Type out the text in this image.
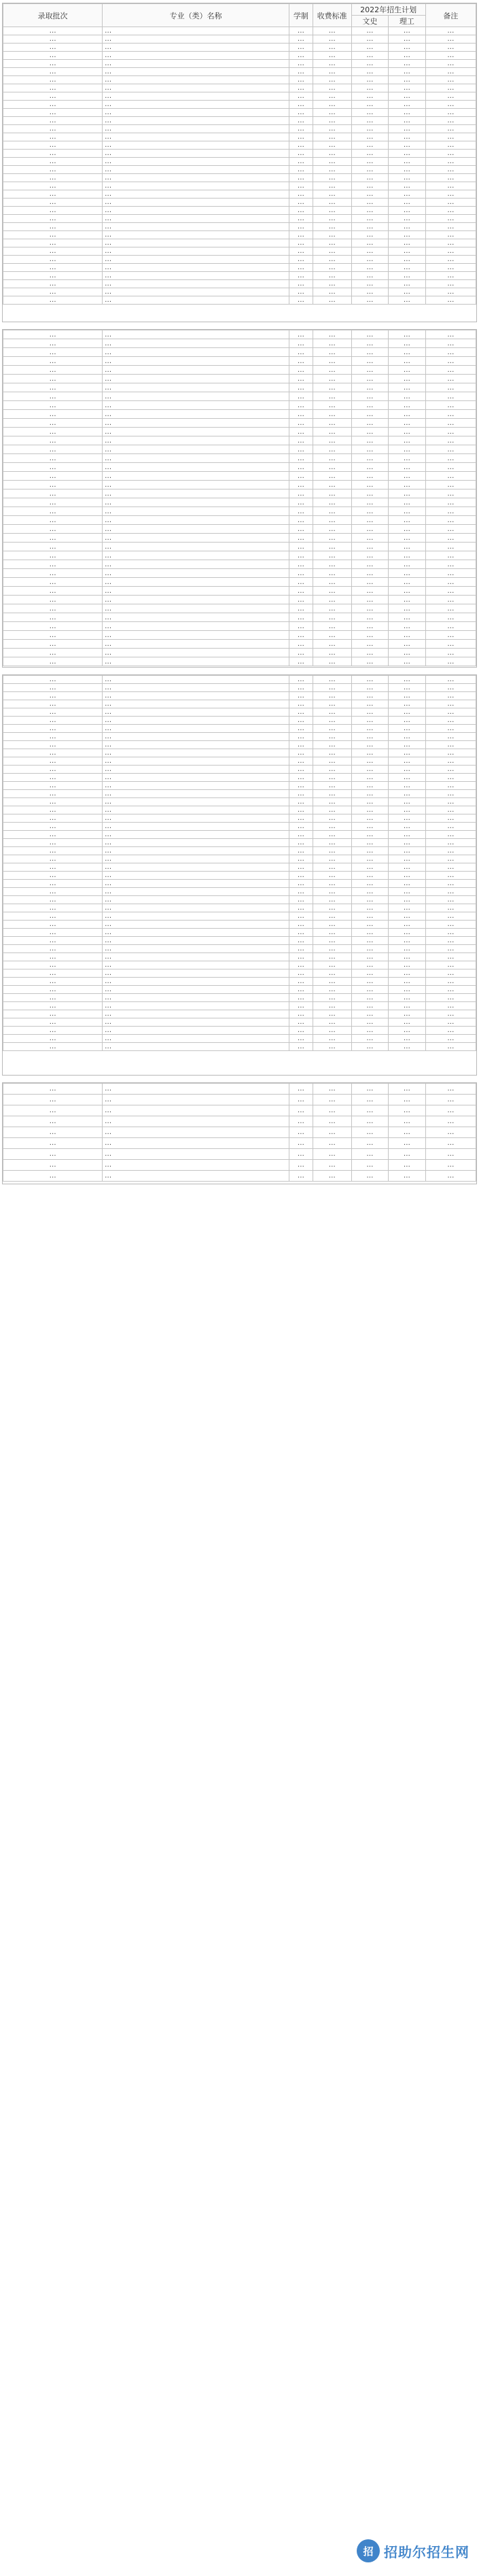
录取批次	专业（类）名称	学制	收费标准	2022年招生计划		备注
				文史	理工	
…	…	…	…	…	…	…
…	…	…	…	…	…	…
…	…	…	…	…	…	…
…	…	…	…	…	…	…
…	…	…	…	…	…	…
…	…	…	…	…	…	…
…	…	…	…	…	…	…
…	…	…	…	…	…	…
…	…	…	…	…	…	…
…	…	…	…	…	…	…
…	…	…	…	…	…	…
…	…	…	…	…	…	…
…	…	…	…	…	…	…
…	…	…	…	…	…	…
…	…	…	…	…	…	…
…	…	…	…	…	…	…
…	…	…	…	…	…	…
…	…	…	…	…	…	…
…	…	…	…	…	…	…
…	…	…	…	…	…	…
…	…	…	…	…	…	…
…	…	…	…	…	…	…
…	…	…	…	…	…	…
…	…	…	…	…	…	…
…	…	…	…	…	…	…
…	…	…	…	…	…	…
…	…	…	…	…	…	…
…	…	…	…	…	…	…
…	…	…	…	…	…	…
…	…	…	…	…	…	…
…	…	…	…	…	…	…
…	…	…	…	…	…	…
…	…	…	…	…	…	…
…	…	…	…	…	…	…
…	…	…	…	…	…	…
…	…	…	…	…	…	…
…	…	…	…	…	…	…
…	…	…	…	…	…	…
…	…	…	…	…	…	…
…	…	…	…	…	…	…
…	…	…	…	…	…	…
…	…	…	…	…	…	…
…	…	…	…	…	…	…
…	…	…	…	…	…	…
…	…	…	…	…	…	…
…	…	…	…	…	…	…
…	…	…	…	…	…	…
…	…	…	…	…	…	…
…	…	…	…	…	…	…
…	…	…	…	…	…	…
…	…	…	…	…	…	…
…	…	…	…	…	…	…
…	…	…	…	…	…	…
…	…	…	…	…	…	…
…	…	…	…	…	…	…
…	…	…	…	…	…	…
…	…	…	…	…	…	…
…	…	…	…	…	…	…
…	…	…	…	…	…	…
…	…	…	…	…	…	…
…	…	…	…	…	…	…
…	…	…	…	…	…	…
…	…	…	…	…	…	…
…	…	…	…	…	…	…
…	…	…	…	…	…	…
…	…	…	…	…	…	…
…	…	…	…	…	…	…
…	…	…	…	…	…	…
…	…	…	…	…	…	…
…	…	…	…	…	…	…
…	…	…	…	…	…	…
…	…	…	…	…	…	…
…	…	…	…	…	…	…
…	…	…	…	…	…	…
…	…	…	…	…	…	…
…	…	…	…	…	…	…
…	…	…	…	…	…	…
…	…	…	…	…	…	…
…	…	…	…	…	…	…
…	…	…	…	…	…	…
…	…	…	…	…	…	…
…	…	…	…	…	…	…
…	…	…	…	…	…	…
…	…	…	…	…	…	…
…	…	…	…	…	…	…
…	…	…	…	…	…	…
…	…	…	…	…	…	…
…	…	…	…	…	…	…
…	…	…	…	…	…	…
…	…	…	…	…	…	…
…	…	…	…	…	…	…
…	…	…	…	…	…	…
…	…	…	…	…	…	…
…	…	…	…	…	…	…
…	…	…	…	…	…	…
…	…	…	…	…	…	…
…	…	…	…	…	…	…
…	…	…	…	…	…	…
…	…	…	…	…	…	…
…	…	…	…	…	…	…
…	…	…	…	…	…	…
…	…	…	…	…	…	…
…	…	…	…	…	…	…
…	…	…	…	…	…	…
…	…	…	…	…	…	…
…	…	…	…	…	…	…
…	…	…	…	…	…	…
…	…	…	…	…	…	…
…	…	…	…	…	…	…
…	…	…	…	…	…	…
…	…	…	…	…	…	…
…	…	…	…	…	…	…
…	…	…	…	…	…	…
…	…	…	…	…	…	…
…	…	…	…	…	…	…
…	…	…	…	…	…	…
…	…	…	…	…	…	…
…	…	…	…	…	…	…
…	…	…	…	…	…	…
…	…	…	…	…	…	…
…	…	…	…	…	…	…
…	…	…	…	…	…	…
…	…	…	…	…	…	…
…	…	…	…	…	…	…
…	…	…	…	…	…	…
…	…	…	…	…	…	…
…	…	…	…	…	…	…
招 招助尔招生网
